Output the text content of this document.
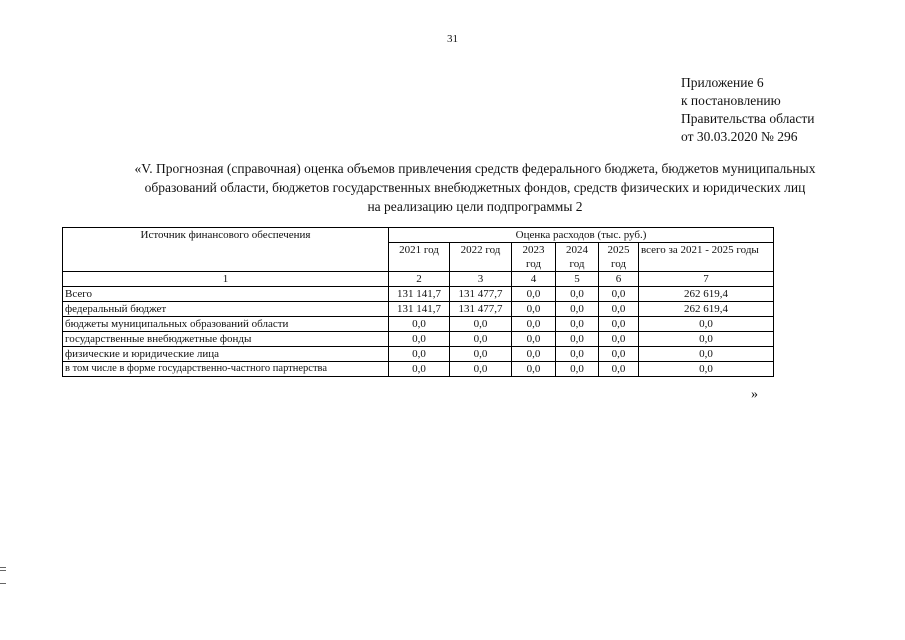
31
Приложение 6
к постановлению
Правительства области
от 30.03.2020 № 296
«V. Прогнозная (справочная) оценка объемов привлечения средств федерального бюджета, бюджетов муниципальных
образований области, бюджетов государственных внебюджетных фондов, средств физических и юридических лиц
на реализацию цели подпрограммы 2
Источник финансового обеспечения	Оценка расходов (тыс. руб.)					
	2021 год	2022 год	2023 год	2024 год	2025 год	всего за 2021 - 2025 годы
1	2	3	4	5	6	7
Всего	131 141,7	131 477,7	0,0	0,0	0,0	262 619,4
федеральный бюджет	131 141,7	131 477,7	0,0	0,0	0,0	262 619,4
бюджеты муниципальных образований области	0,0	0,0	0,0	0,0	0,0	0,0
государственные внебюджетные фонды	0,0	0,0	0,0	0,0	0,0	0,0
физические и юридические лица	0,0	0,0	0,0	0,0	0,0	0,0
в том числе в форме государственно-частного партнерства	0,0	0,0	0,0	0,0	0,0	0,0
»
